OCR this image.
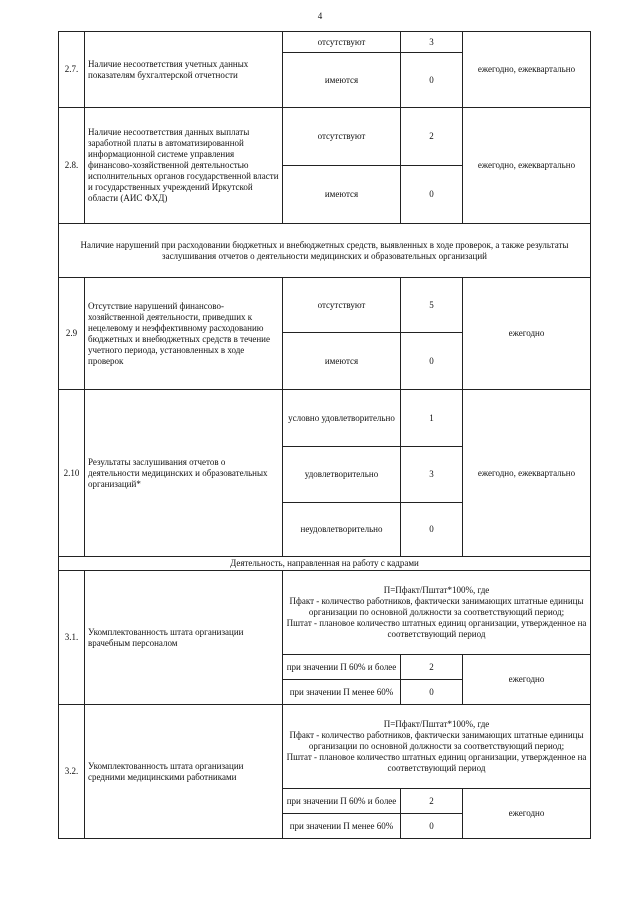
4
2.7.	Наличие несоответствия учетных данных показателям бухгалтерской отчетности	отсутствуют	3	ежегодно, ежеквартально
		имеются	0	
2.8.	Наличие несоответствия данных выплаты заработной платы в автоматизированной информационной системе управления финансово-хозяйственной деятельностью исполнительных органов государственной власти и государственных учреждений Иркутской области (АИС ФХД)	отсутствуют	2	ежегодно, ежеквартально
		имеются	0	
Наличие нарушений при расходовании бюджетных и внебюджетных средств, выявленных в ходе проверок, а также результаты заслушивания отчетов о деятельности медицинских и образовательных организаций				
2.9	Отсутствие нарушений финансово-хозяйственной деятельности, приведших к нецелевому и неэффективному расходованию бюджетных и внебюджетных средств в течение учетного периода, установленных в ходе проверок	отсутствуют	5	ежегодно
		имеются	0	
2.10	Результаты заслушивания отчетов о деятельности медицинских и образовательных организаций*	условно удовлетворительно	1	ежегодно, ежеквартально
		удовлетворительно	3	
		неудовлетворительно	0	
Деятельность, направленная на работу с кадрами				
3.1.	Укомплектованность штата организации врачебным персоналом	П=Пфакт/Пштат*100%, где
Пфакт - количество работников, фактически занимающих штатные единицы организации по основной должности за соответствующий период;
Пштат - плановое количество штатных единиц организации, утвержденное на соответствующий период		

		при значении П 60% и более	2	ежегодно
		при значении П менее 60%	0	
3.2.	Укомплектованность штата организации средними медицинскими работниками	П=Пфакт/Пштат*100%, где
Пфакт - количество работников, фактически занимающих штатные единицы организации по основной должности за соответствующий период;
Пштат - плановое количество штатных единиц организации, утвержденное на соответствующий период		

		при значении П 60% и более	2	ежегодно
		при значении П менее 60%	0	
